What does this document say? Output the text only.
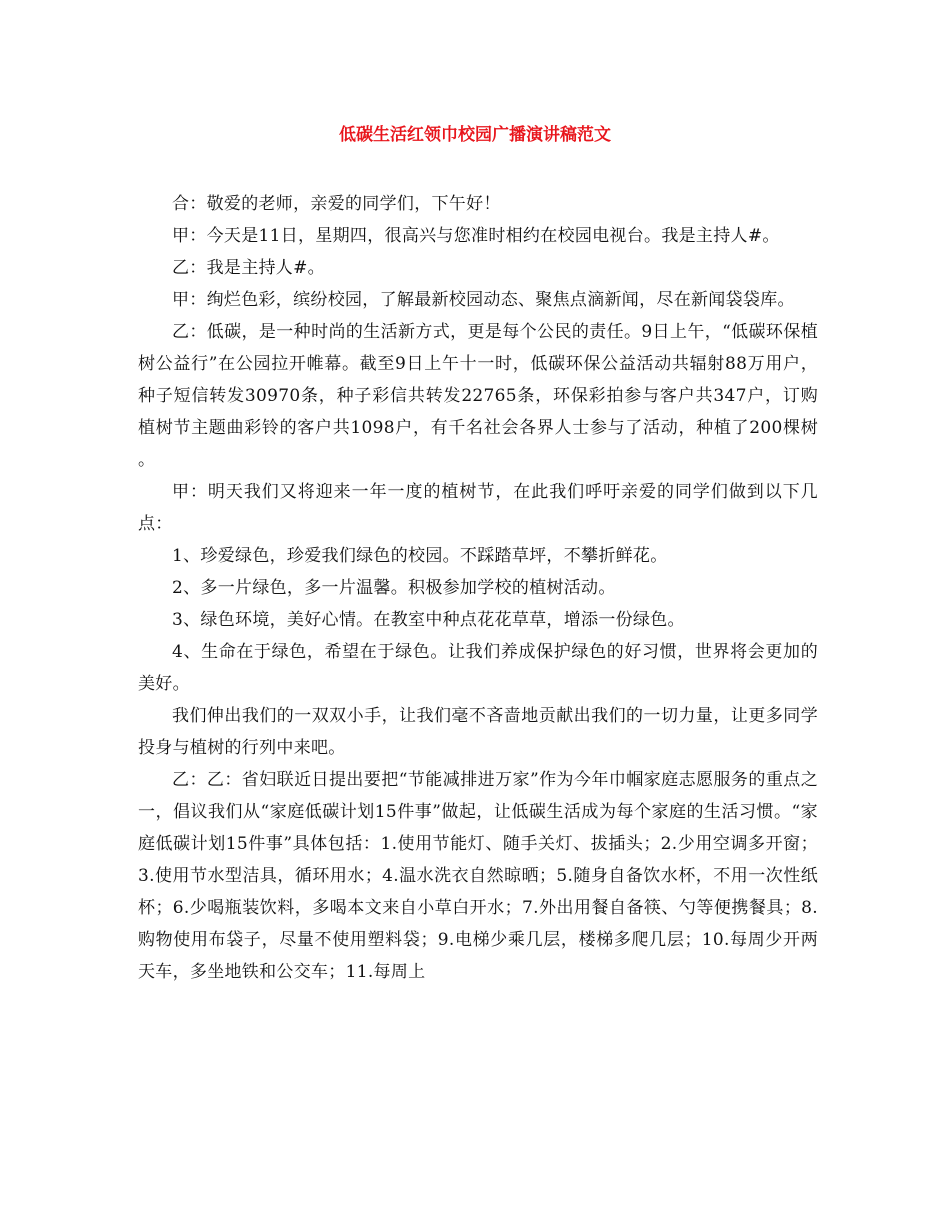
低碳生活红领巾校园广播演讲稿范文

合：敬爱的老师，亲爱的同学们，下午好！

甲：今天是11日，星期四，很高兴与您准时相约在校园电视台。我是主持人#。

乙：我是主持人#。

甲：绚烂色彩，缤纷校园，了解最新校园动态、聚焦点滴新闻，尽在新闻袋袋库。

乙：低碳，是一种时尚的生活新方式，更是每个公民的责任。9日上午，“低碳环保植树公益行”在公园拉开帷幕。截至9日上午十一时，低碳环保公益活动共辐射88万用户，种子短信转发30970条，种子彩信共转发22765条，环保彩拍参与客户共347户，订购植树节主题曲彩铃的客户共1098户，有千名社会各界人士参与了活动，种植了200棵树 。

甲：明天我们又将迎来一年一度的植树节，在此我们呼吁亲爱的同学们做到以下几点：

1、珍爱绿色，珍爱我们绿色的校园。不踩踏草坪，不攀折鲜花。

2、多一片绿色，多一片温馨。积极参加学校的植树活动。

3、绿色环境，美好心情。在教室中种点花花草草，增添一份绿色。

4、生命在于绿色，希望在于绿色。让我们养成保护绿色的好习惯，世界将会更加的美好。

我们伸出我们的一双双小手，让我们毫不吝啬地贡献出我们的一切力量，让更多同学投身与植树的行列中来吧。

乙：乙：省妇联近日提出要把“节能减排进万家”作为今年巾帼家庭志愿服务的重点之一，倡议我们从“家庭低碳计划15件事”做起，让低碳生活成为每个家庭的生活习惯。“家庭低碳计划15件事”具体包括：1.使用节能灯、随手关灯、拔插头；2.少用空调多开窗；3.使用节水型洁具，循环用水；4.温水洗衣自然晾晒；5.随身自备饮水杯，不用一次性纸杯；6.少喝瓶装饮料，多喝本文来自小草白开水；7.外出用餐自备筷、勺等便携餐具；8.购物使用布袋子，尽量不使用塑料袋；9.电梯少乘几层，楼梯多爬几层；10.每周少开两天车，多坐地铁和公交车；11.每周上
